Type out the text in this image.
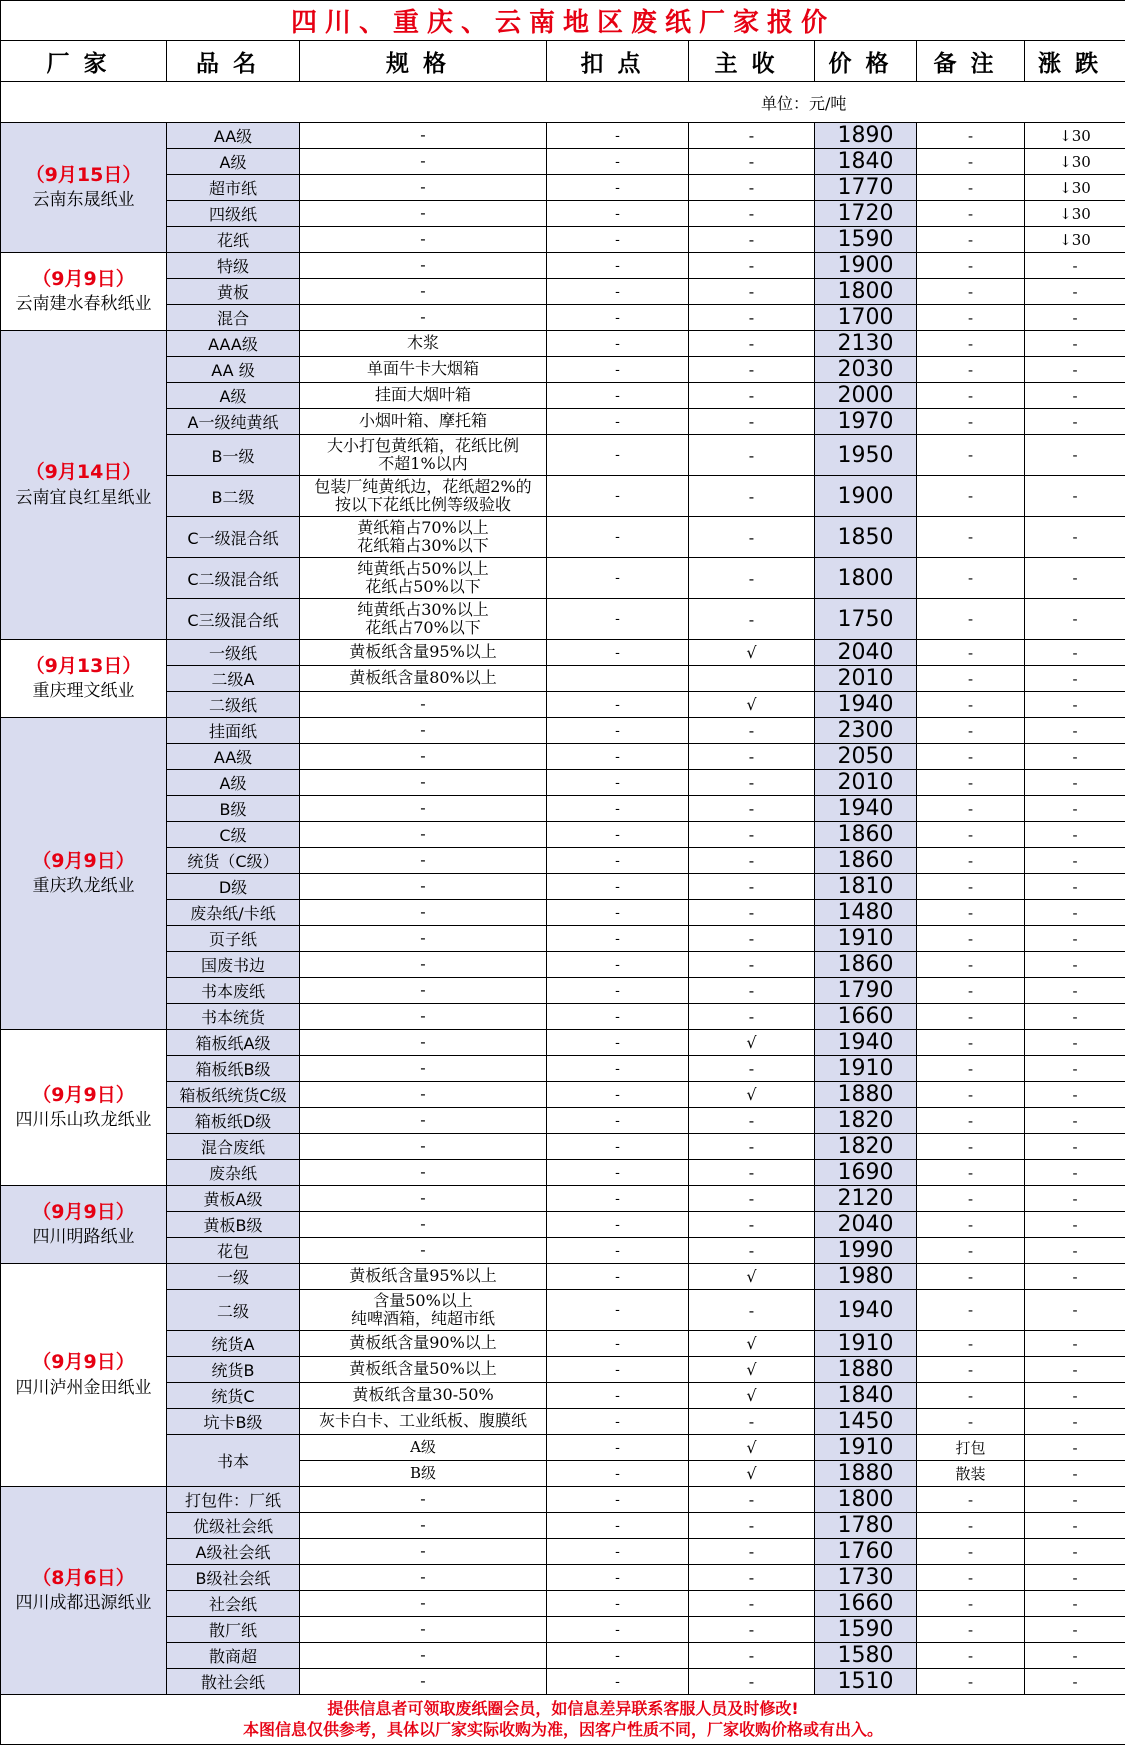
四川、重庆、云南地区废纸厂家报价							
厂家	品名	规格	扣点	主收	价格	备注	涨跌
单位：元/吨							

（9月15日）
云南东晟纸业	AA级	-	-	-	1890	-	↓30
	A级	-	-	-	1840	-	↓30
	超市纸	-	-	-	1770	-	↓30
	四级纸	-	-	-	1720	-	↓30
	花纸	-	-	-	1590	-	↓30

（9月9日）
云南建水春秋纸业	特级	-	-	-	1900	-	-
	黄板	-	-	-	1800	-	-
	混合	-	-	-	1700	-	-

（9月14日）
云南宜良红星纸业	AAA级	木浆	-	-	2130	-	-
	AA 级	单面牛卡大烟箱	-	-	2030	-	-
	A级	挂面大烟叶箱	-	-	2000	-	-
	A一级纯黄纸	小烟叶箱、摩托箱	-	-	1970	-	-
	B一级	大小打包黄纸箱，花纸比例
不超1%以内	-	-	1950	-	-
	B二级	包装厂纯黄纸边，花纸超2%的
按以下花纸比例等级验收	-	-	1900	-	-
	C一级混合纸	黄纸箱占70%以上
花纸箱占30%以下	-	-	1850	-	-
	C二级混合纸	纯黄纸占50%以上
花纸占50%以下	-	-	1800	-	-
	C三级混合纸	纯黄纸占30%以上
花纸占70%以下	-	-	1750	-	-

（9月13日）
重庆理文纸业	一级纸	黄板纸含量95%以上	-	√	2040	-	-
	二级A	黄板纸含量80%以上			2010	-	-
	二级纸	-	-	√	1940	-	-

（9月9日）
重庆玖龙纸业	挂面纸	-	-	-	2300	-	-
	AA级	-	-	-	2050	-	-
	A级	-	-	-	2010	-	-
	B级	-	-	-	1940	-	-
	C级	-	-	-	1860	-	-
	统货（C级）	-	-	-	1860	-	-
	D级	-	-	-	1810	-	-
	废杂纸/卡纸	-	-	-	1480	-	-
	页子纸	-	-	-	1910	-	-
	国废书边	-	-	-	1860	-	-
	书本废纸	-	-	-	1790	-	-
	书本统货	-	-	-	1660	-	-

（9月9日）
四川乐山玖龙纸业	箱板纸A级	-	-	√	1940	-	-
	箱板纸B级	-	-	-	1910	-	-
	箱板纸统货C级	-	-	√	1880	-	-
	箱板纸D级	-	-	-	1820	-	-
	混合废纸	-	-	-	1820	-	-
	废杂纸	-	-	-	1690	-	-

（9月9日）
四川明路纸业	黄板A级	-	-	-	2120	-	-
	黄板B级	-	-	-	2040	-	-
	花包	-	-	-	1990	-	-

（9月9日）
四川泸州金田纸业	一级	黄板纸含量95%以上	-	√	1980	-	-
	二级	含量50%以上
纯啤酒箱，纯超市纸	-	-	1940	-	-
	统货A	黄板纸含量90%以上	-	√	1910	-	-
	统货B	黄板纸含量50%以上	-	√	1880	-	-
	统货C	黄板纸含量30-50%	-	√	1840	-	-
	坑卡B级	灰卡白卡、工业纸板、腹膜纸	-	-	1450	-	-
	书本	A级	-	√	1910	打包	-

		B级	-	√	1880	散装	-

（8月6日）
四川成都迅源纸业	打包件：厂纸	-	-	-	1800	-	-
	优级社会纸	-	-	-	1780	-	-
	A级社会纸	-	-	-	1760	-	-
	B级社会纸	-	-	-	1730	-	-
	社会纸	-	-	-	1660	-	-
	散厂纸	-	-	-	1590	-	-
	散商超	-	-	-	1580	-	-
	散社会纸	-	-	-	1510	-	-

提供信息者可领取废纸圈会员，如信息差异联系客服人员及时修改!
本图信息仅供参考，具体以厂家实际收购为准，因客户性质不同，厂家收购价格或有出入。							
